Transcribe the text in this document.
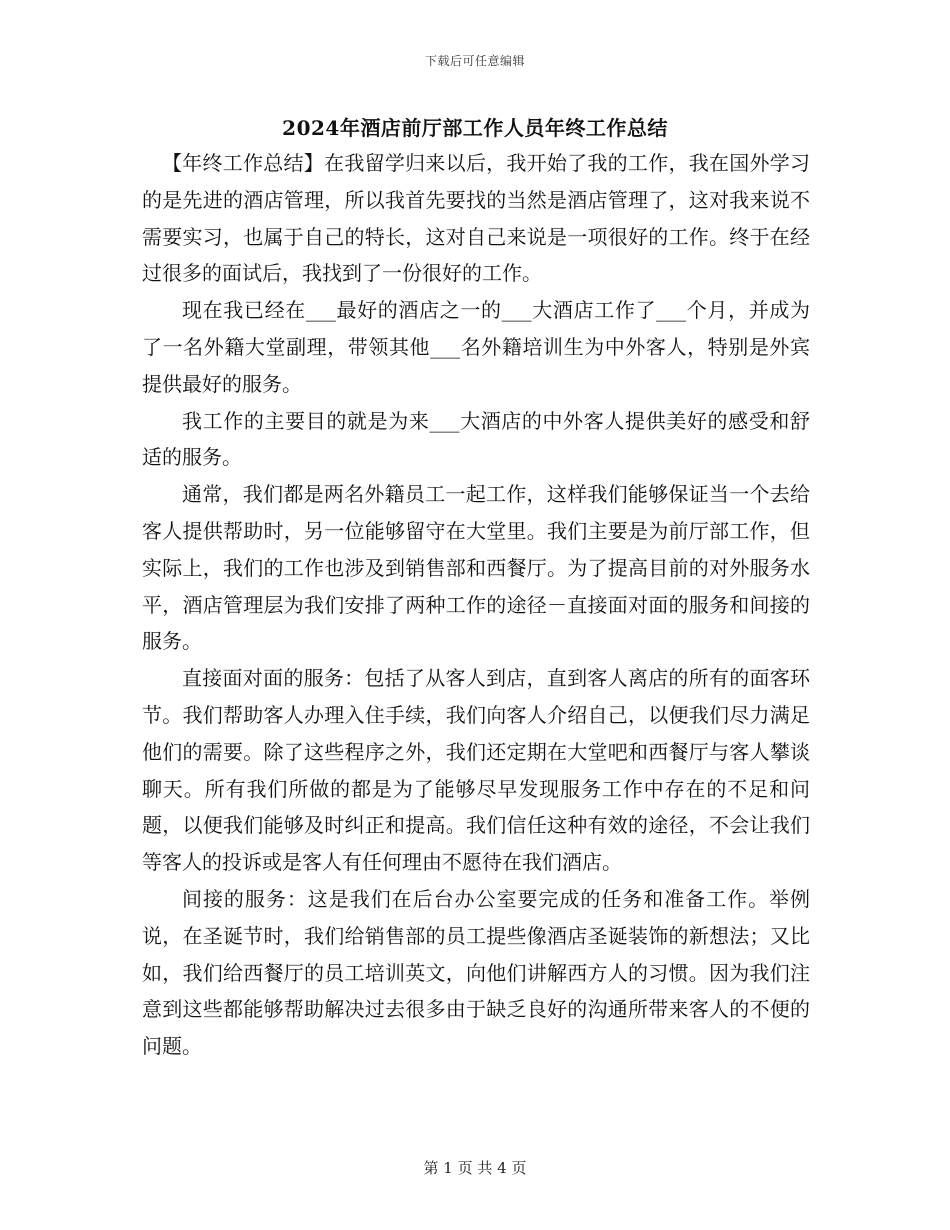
下载后可任意编辑
2024年酒店前厅部工作人员年终工作总结

【年终工作总结】在我留学归来以后，我开始了我的工作，我在国外学习的是先进的酒店管理，所以我首先要找的当然是酒店管理了，这对我来说不需要实习，也属于自己的特长，这对自己来说是一项很好的工作。终于在经过很多的面试后，我找到了一份很好的工作。

现在我已经在___最好的酒店之一的___大酒店工作了___个月，并成为了一名外籍大堂副理，带领其他___名外籍培训生为中外客人，特别是外宾提供最好的服务。

我工作的主要目的就是为来___大酒店的中外客人提供美好的感受和舒适的服务。

通常，我们都是两名外籍员工一起工作，这样我们能够保证当一个去给客人提供帮助时，另一位能够留守在大堂里。我们主要是为前厅部工作，但实际上，我们的工作也涉及到销售部和西餐厅。为了提高目前的对外服务水平，酒店管理层为我们安排了两种工作的途径－直接面对面的服务和间接的服务。

直接面对面的服务：包括了从客人到店，直到客人离店的所有的面客环节。我们帮助客人办理入住手续，我们向客人介绍自己，以便我们尽力满足他们的需要。除了这些程序之外，我们还定期在大堂吧和西餐厅与客人攀谈聊天。所有我们所做的都是为了能够尽早发现服务工作中存在的不足和问题，以便我们能够及时纠正和提高。我们信任这种有效的途径，不会让我们等客人的投诉或是客人有任何理由不愿待在我们酒店。

间接的服务：这是我们在后台办公室要完成的任务和准备工作。举例说，在圣诞节时，我们给销售部的员工提些像酒店圣诞装饰的新想法；又比如，我们给西餐厅的员工培训英文，向他们讲解西方人的习惯。因为我们注意到这些都能够帮助解决过去很多由于缺乏良好的沟通所带来客人的不便的问题。

第 1 页 共 4 页
